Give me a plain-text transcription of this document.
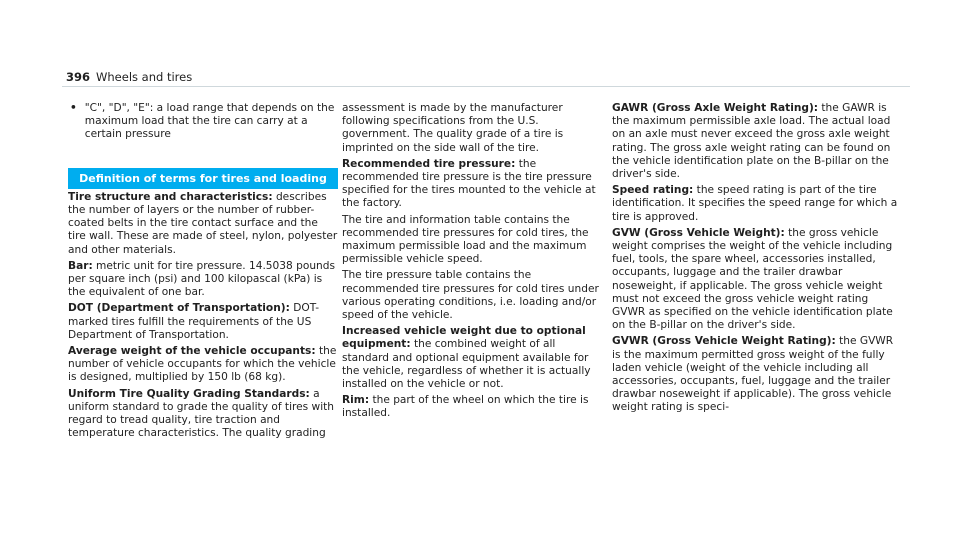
396 Wheels and tires
• "C", "D", "E": a load range that depends on the maximum load that the tire can carry at a certain pressure
Definition of terms for tires and loading

Tire structure and characteristics: describes the number of layers or the number of rubber-coated belts in the tire contact surface and the tire wall. These are made of steel, nylon, polyester and other materials.

Bar: metric unit for tire pressure. 14.5038 pounds per square inch (psi) and 100 kilopascal (kPa) is the equivalent of one bar.

DOT (Department of Transportation): DOT-marked tires fulfill the requirements of the US Department of Transportation.

Average weight of the vehicle occupants: the number of vehicle occupants for which the vehicle is designed, multiplied by 150 lb (68 kg).

Uniform Tire Quality Grading Standards: a uniform standard to grade the quality of tires with regard to tread quality, tire traction and temperature characteristics. The quality grading

assessment is made by the manufacturer following specifications from the U.S. government. The quality grade of a tire is imprinted on the side wall of the tire.

Recommended tire pressure: the recommended tire pressure is the tire pressure specified for the tires mounted to the vehicle at the factory.

The tire and information table contains the recommended tire pressures for cold tires, the maximum permissible load and the maximum permissible vehicle speed.

The tire pressure table contains the recommended tire pressures for cold tires under various operating conditions, i.e. loading and/or speed of the vehicle.

Increased vehicle weight due to optional equipment: the combined weight of all standard and optional equipment available for the vehicle, regardless of whether it is actually installed on the vehicle or not.

Rim: the part of the wheel on which the tire is installed.

GAWR (Gross Axle Weight Rating): the GAWR is the maximum permissible axle load. The actual load on an axle must never exceed the gross axle weight rating. The gross axle weight rating can be found on the vehicle identification plate on the B-pillar on the driver's side.

Speed rating: the speed rating is part of the tire identification. It specifies the speed range for which a tire is approved.

GVW (Gross Vehicle Weight): the gross vehicle weight comprises the weight of the vehicle including fuel, tools, the spare wheel, accessories installed, occupants, luggage and the trailer drawbar noseweight, if applicable. The gross vehicle weight must not exceed the gross vehicle weight rating GVWR as specified on the vehicle identification plate on the B-pillar on the driver's side.

GVWR (Gross Vehicle Weight Rating): the GVWR is the maximum permitted gross weight of the fully laden vehicle (weight of the vehicle including all accessories, occupants, fuel, luggage and the trailer drawbar noseweight if applicable). The gross vehicle weight rating is speci-
